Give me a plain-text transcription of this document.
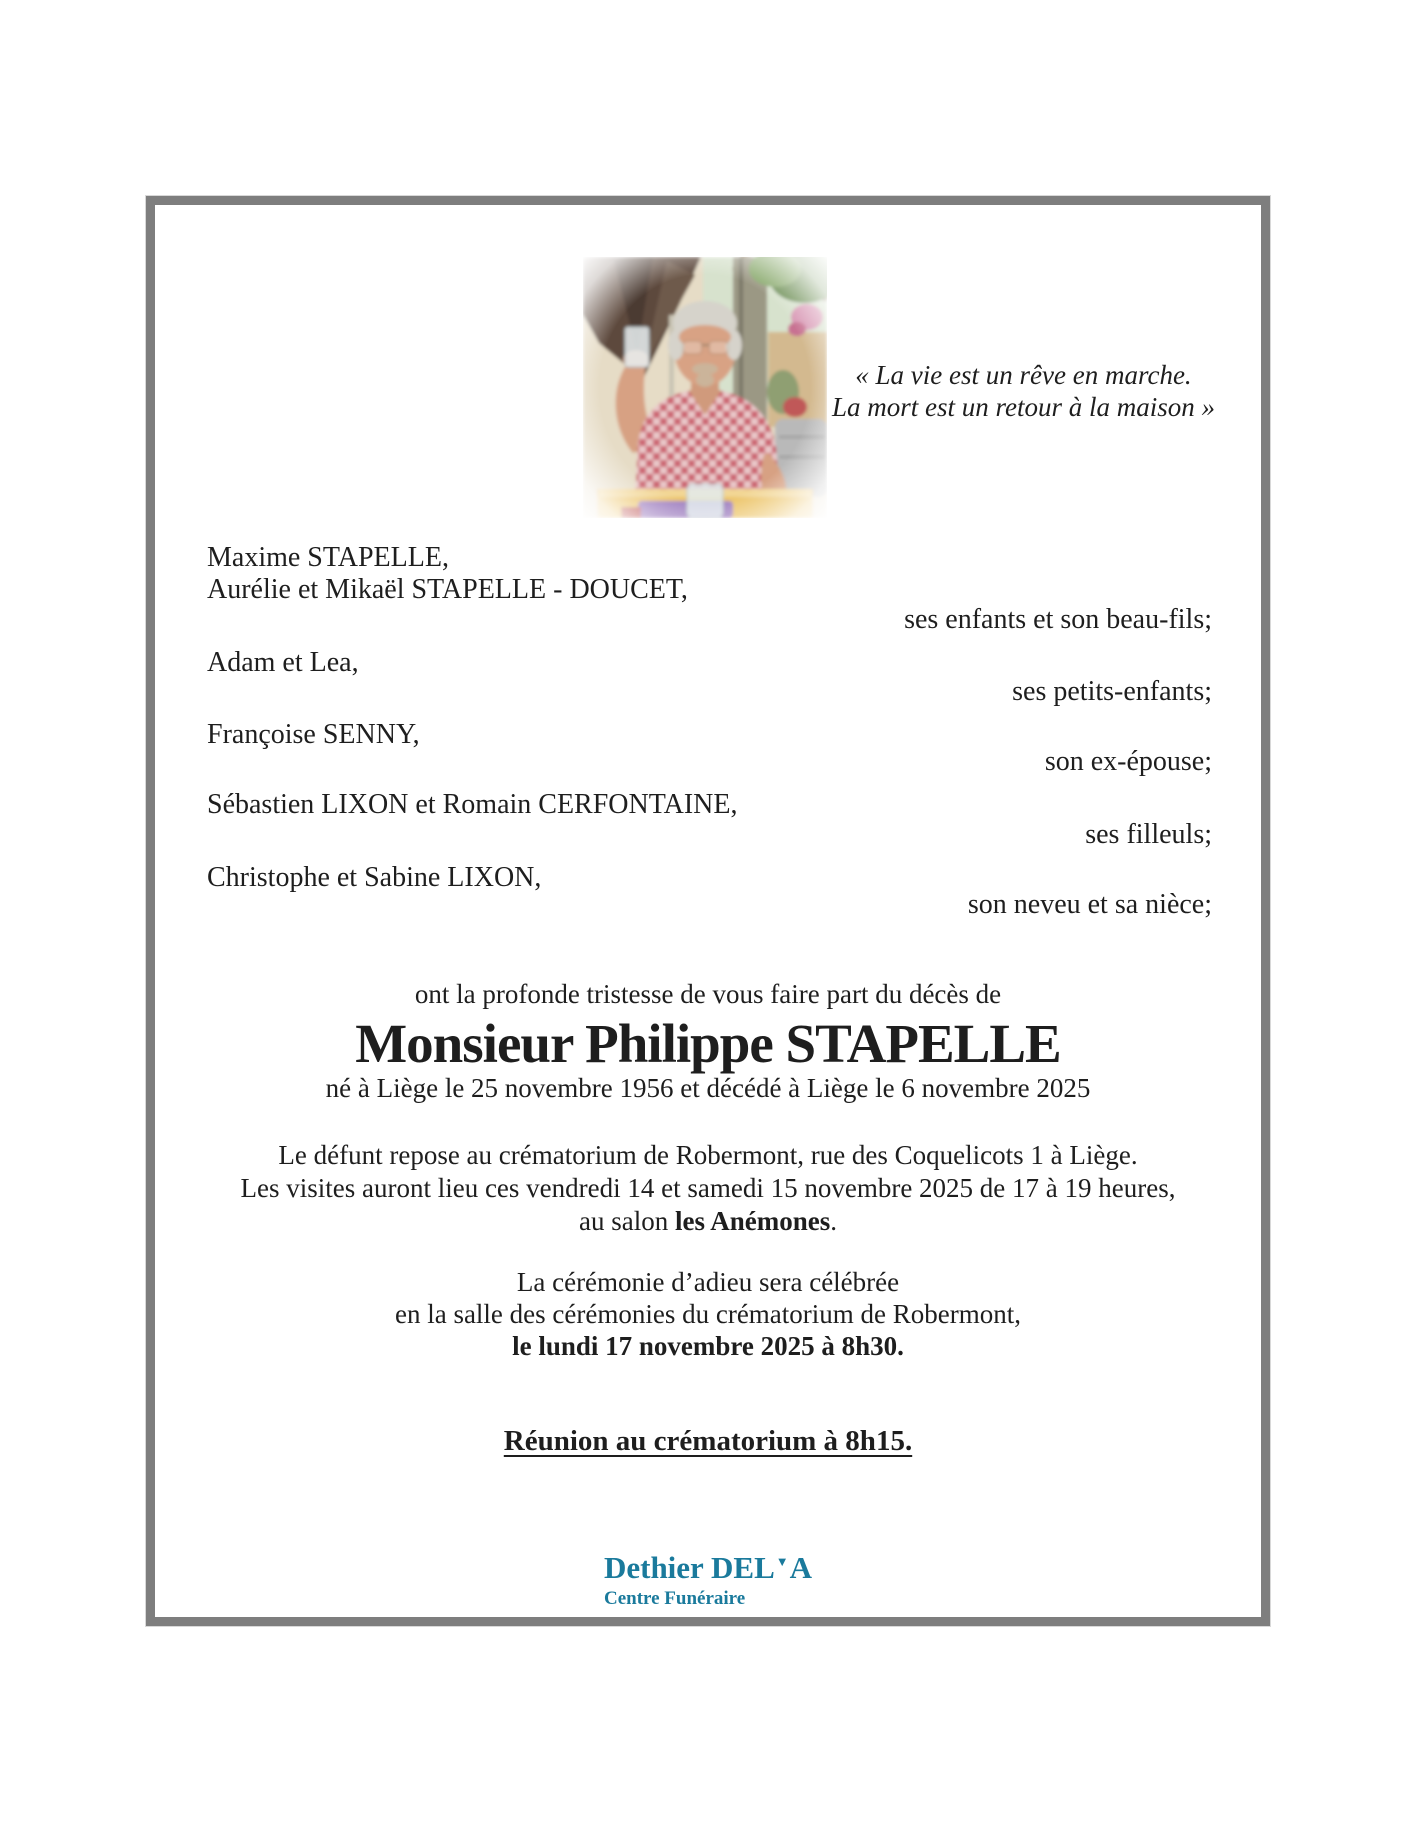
« La vie est un rêve en marche.
La mort est un retour à la maison »
Maxime STAPELLE,
Aurélie et Mikaël STAPELLE - DOUCET,
ses enfants et son beau-fils;
Adam et Lea,
ses petits-enfants;
Françoise SENNY,
son ex-épouse;
Sébastien LIXON et Romain CERFONTAINE,
ses filleuls;
Christophe et Sabine LIXON,
son neveu et sa nièce;
ont la profonde tristesse de vous faire part du décès de
Monsieur Philippe STAPELLE
né à Liège le 25 novembre 1956 et décédé à Liège le 6 novembre 2025
Le défunt repose au crématorium de Robermont, rue des Coquelicots 1 à Liège.
Les visites auront lieu ces vendredi 14 et samedi 15 novembre 2025 de 17 à 19 heures,
au salon les Anémones.
La cérémonie d’adieu sera célébrée
en la salle des cérémonies du crématorium de Robermont,
le lundi 17 novembre 2025 à 8h30.
Réunion au crématorium à 8h15.
Dethier DEL▼A
Centre Funéraire
